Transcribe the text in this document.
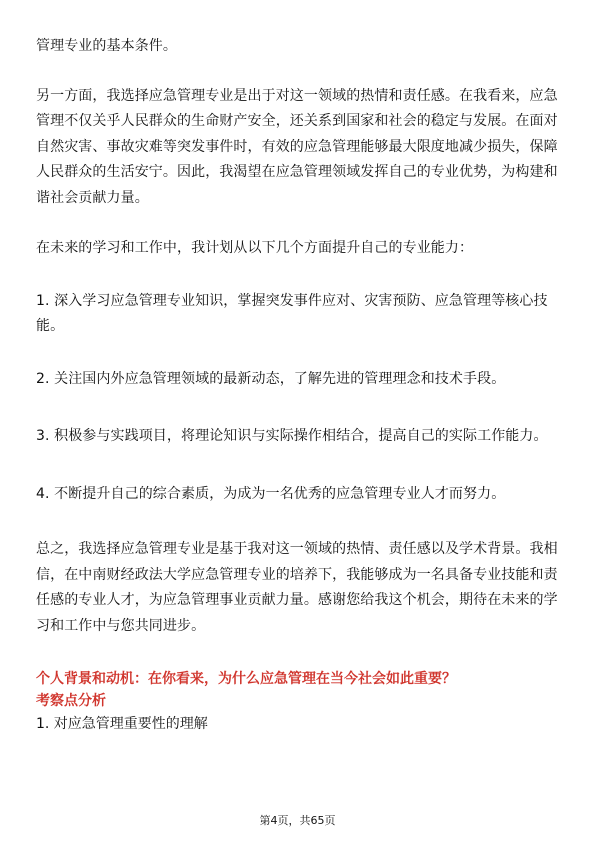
管理专业的基本条件。

另一方面，我选择应急管理专业是出于对这一领域的热情和责任感。在我看来，应急管理不仅关乎人民群众的生命财产安全，还关系到国家和社会的稳定与发展。在面对自然灾害、事故灾难等突发事件时，有效的应急管理能够最大限度地减少损失，保障人民群众的生活安宁。因此，我渴望在应急管理领域发挥自己的专业优势，为构建和谐社会贡献力量。

在未来的学习和工作中，我计划从以下几个方面提升自己的专业能力：

1. 深入学习应急管理专业知识，掌握突发事件应对、灾害预防、应急管理等核心技能。

2. 关注国内外应急管理领域的最新动态，了解先进的管理理念和技术手段。

3. 积极参与实践项目，将理论知识与实际操作相结合，提高自己的实际工作能力。

4. 不断提升自己的综合素质，为成为一名优秀的应急管理专业人才而努力。

总之，我选择应急管理专业是基于我对这一领域的热情、责任感以及学术背景。我相信，在中南财经政法大学应急管理专业的培养下，我能够成为一名具备专业技能和责任感的专业人才，为应急管理事业贡献力量。感谢您给我这个机会，期待在未来的学习和工作中与您共同进步。

个人背景和动机：在你看来，为什么应急管理在当今社会如此重要？

考察点分析

1. 对应急管理重要性的理解

第4页，共65页
